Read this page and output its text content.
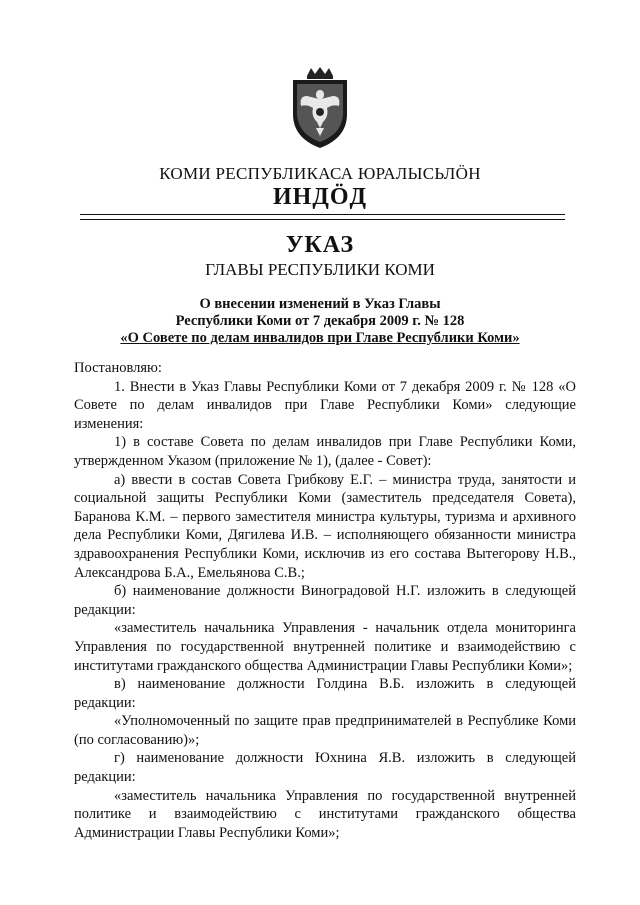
КОМИ РЕСПУБЛИКАСА ЮРАЛЫСЬЛӦН
ИНДӦД
УКАЗ
ГЛАВЫ РЕСПУБЛИКИ КОМИ
О внесении изменений в Указ Главы
Республики Коми от 7 декабря 2009 г. № 128
«О Совете по делам инвалидов при Главе Республики Коми»

Постановляю:

1. Внести в Указ Главы Республики Коми от 7 декабря 2009 г. № 128 «О Совете по делам инвалидов при Главе Республики Коми» следующие изменения:

1) в составе Совета по делам инвалидов при Главе Республики Коми, утвержденном Указом (приложение № 1), (далее - Совет):

а) ввести в состав Совета Грибкову Е.Г. – министра труда, занятости и социальной защиты Республики Коми (заместитель председателя Совета), Баранова К.М. – первого заместителя министра культуры, туризма и архивного дела Республики Коми, Дягилева И.В. – исполняющего обязанности министра здравоохранения Республики Коми, исключив из его состава Вытегорову Н.В., Александрова Б.А., Емельянова С.В.;

б) наименование должности Виноградовой Н.Г. изложить в следующей редакции:

«заместитель начальника Управления - начальник отдела мониторинга Управления по государственной внутренней политике и взаимодействию с институтами гражданского общества Администрации Главы Республики Коми»;

в) наименование должности Голдина В.Б. изложить в следующей редакции:

«Уполномоченный по защите прав предпринимателей в Республике Коми (по согласованию)»;

г) наименование должности Юхнина Я.В. изложить в следующей редакции:

«заместитель начальника Управления по государственной внутренней политике и взаимодействию с институтами гражданского общества Администрации Главы Республики Коми»;
